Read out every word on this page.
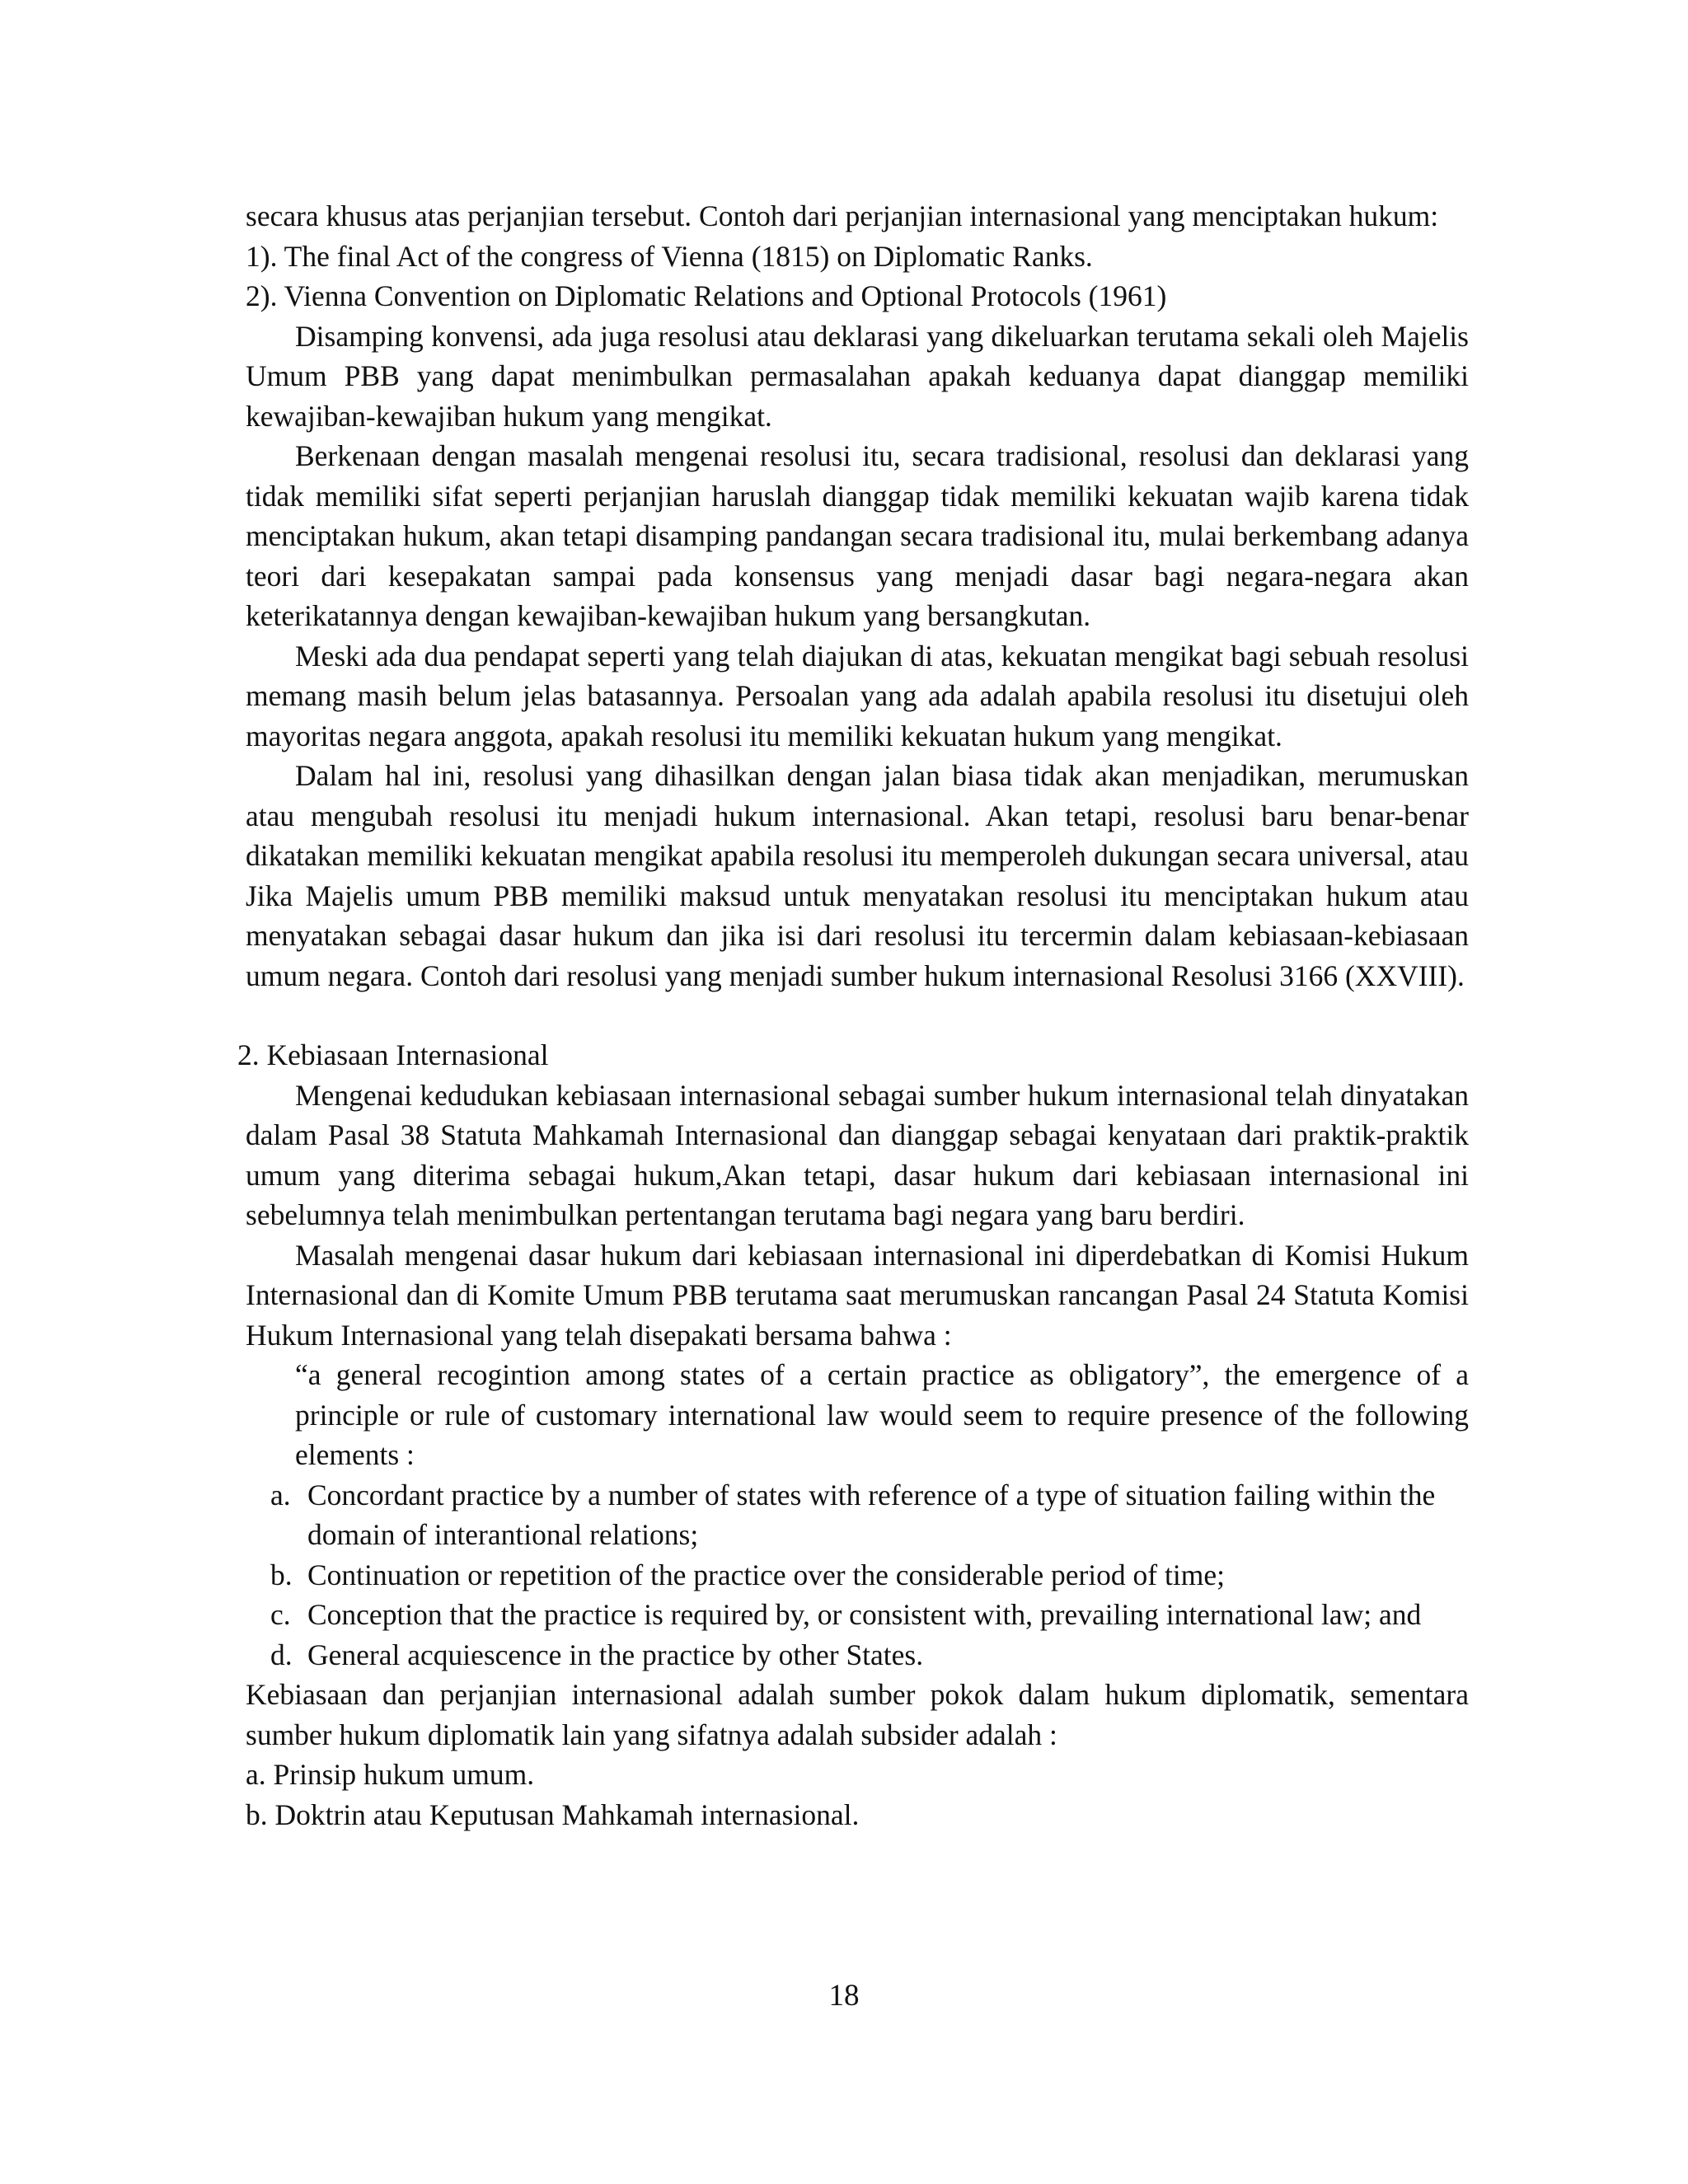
secara khusus atas perjanjian tersebut. Contoh dari perjanjian internasional yang menciptakan hukum:

1). The final Act of the congress of Vienna (1815) on Diplomatic Ranks.

2). Vienna Convention on Diplomatic Relations and Optional Protocols (1961)

Disamping konvensi, ada juga resolusi atau deklarasi yang dikeluarkan terutama sekali oleh Majelis Umum PBB yang dapat menimbulkan permasalahan apakah keduanya dapat dianggap memiliki kewajiban-kewajiban hukum yang mengikat.

Berkenaan dengan masalah mengenai resolusi itu, secara tradisional, resolusi dan deklarasi yang tidak memiliki sifat seperti perjanjian haruslah dianggap tidak memiliki kekuatan wajib karena tidak menciptakan hukum, akan tetapi disamping pandangan secara tradisional itu, mulai berkembang adanya teori dari kesepakatan sampai pada konsensus yang menjadi dasar bagi negara-negara akan keterikatannya dengan kewajiban-kewajiban hukum yang bersangkutan.

Meski ada dua pendapat seperti yang telah diajukan di atas, kekuatan mengikat bagi sebuah resolusi memang masih belum jelas batasannya. Persoalan yang ada adalah apabila resolusi itu disetujui oleh mayoritas negara anggota, apakah resolusi itu memiliki kekuatan hukum yang mengikat.

Dalam hal ini, resolusi yang dihasilkan dengan jalan biasa tidak akan menjadikan, merumuskan atau mengubah resolusi itu menjadi hukum internasional. Akan tetapi, resolusi baru benar-benar dikatakan memiliki kekuatan mengikat apabila resolusi itu memperoleh dukungan secara universal, atau Jika Majelis umum PBB memiliki maksud untuk menyatakan resolusi itu menciptakan hukum atau menyatakan sebagai dasar hukum dan jika isi dari resolusi itu tercermin dalam kebiasaan-kebiasaan umum negara. Contoh dari resolusi yang menjadi sumber hukum internasional Resolusi 3166 (XXVIII).

2. Kebiasaan Internasional

Mengenai kedudukan kebiasaan internasional sebagai sumber hukum internasional telah dinyatakan dalam Pasal 38 Statuta Mahkamah Internasional dan dianggap sebagai kenyataan dari praktik-praktik umum yang diterima sebagai hukum,Akan tetapi, dasar hukum dari kebiasaan internasional ini sebelumnya telah menimbulkan pertentangan terutama bagi negara yang baru berdiri.

Masalah mengenai dasar hukum dari kebiasaan internasional ini diperdebatkan di Komisi Hukum Internasional dan di Komite Umum PBB terutama saat merumuskan rancangan Pasal 24 Statuta Komisi Hukum Internasional yang telah disepakati bersama bahwa :

“a general recogintion among states of a certain practice as obligatory”, the emergence of a principle or rule of customary international law would seem to require presence of the following elements :

a. Concordant practice by a number of states with reference of a type of situation failing within the domain of interantional relations;
b. Continuation or repetition of the practice over the considerable period of time;
c. Conception that the practice is required by, or consistent with, prevailing international law; and
d. General acquiescence in the practice by other States.

Kebiasaan dan perjanjian internasional adalah sumber pokok dalam hukum diplomatik, sementara sumber hukum diplomatik lain yang sifatnya adalah subsider adalah :

a. Prinsip hukum umum.

b. Doktrin atau Keputusan Mahkamah internasional.

18
